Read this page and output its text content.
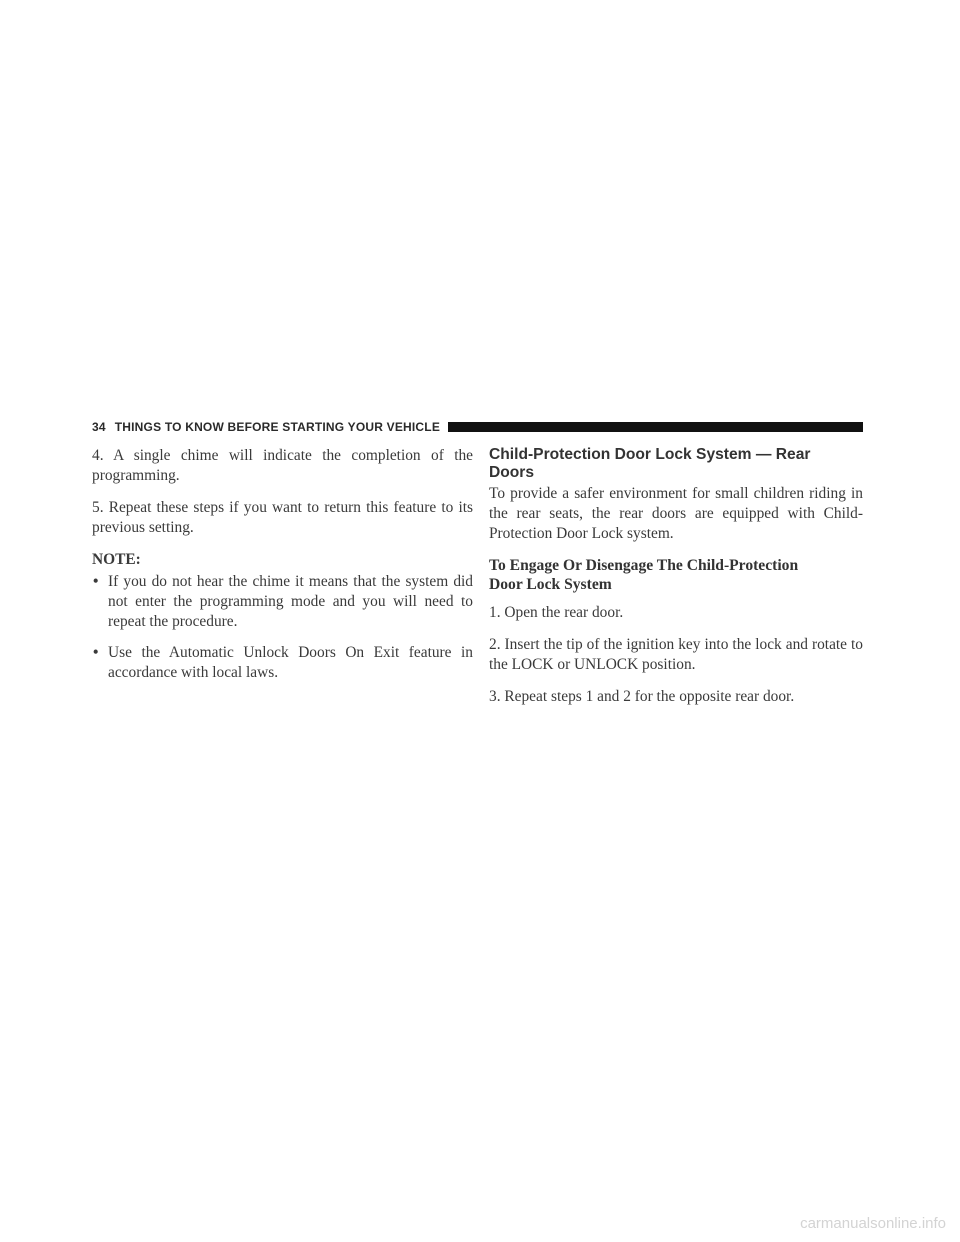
34 THINGS TO KNOW BEFORE STARTING YOUR VEHICLE

4. A single chime will indicate the completion of the programming.

5. Repeat these steps if you want to return this feature to its previous setting.

NOTE:

• If you do not hear the chime it means that the system did not enter the programming mode and you will need to repeat the procedure.
• Use the Automatic Unlock Doors On Exit feature in accordance with local laws.
Child-Protection Door Lock System — Rear Doors

To provide a safer environment for small children riding in the rear seats, the rear doors are equipped with Child-Protection Door Lock system.

To Engage Or Disengage The Child-Protection Door Lock System

1. Open the rear door.

2. Insert the tip of the ignition key into the lock and rotate to the LOCK or UNLOCK position.

3. Repeat steps 1 and 2 for the opposite rear door.

carmanualsonline.info
